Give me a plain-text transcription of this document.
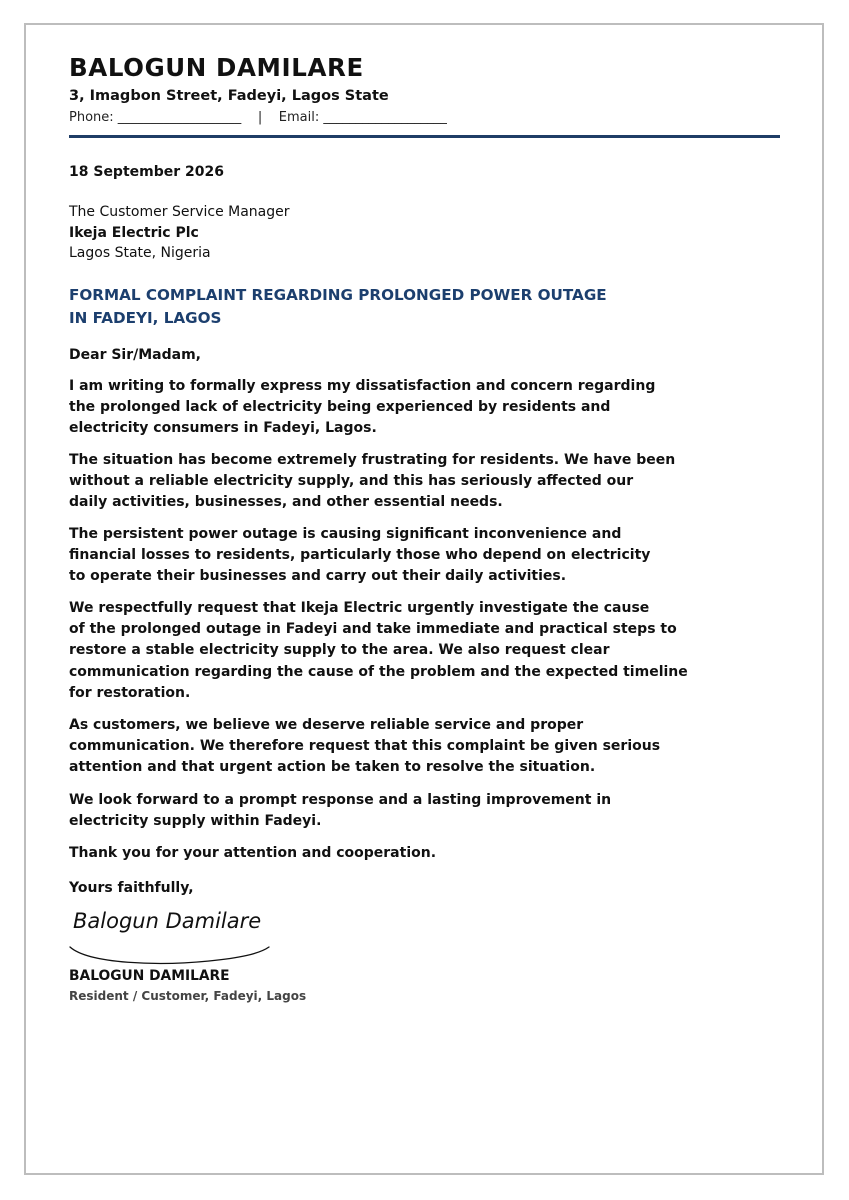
BALOGUN DAMILARE
3, Imagbon Street, Fadeyi, Lagos State
Phone: ___________________ | Email: ___________________
18 September 2026
The Customer Service Manager
Ikeja Electric Plc
Lagos State, Nigeria
FORMAL COMPLAINT REGARDING PROLONGED POWER OUTAGE
IN FADEYI, LAGOS
Dear Sir/Madam,
I am writing to formally express my dissatisfaction and concern regarding
the prolonged lack of electricity being experienced by residents and
electricity consumers in Fadeyi, Lagos.
The situation has become extremely frustrating for residents. We have been
without a reliable electricity supply, and this has seriously affected our
daily activities, businesses, and other essential needs.
The persistent power outage is causing significant inconvenience and
financial losses to residents, particularly those who depend on electricity
to operate their businesses and carry out their daily activities.
We respectfully request that Ikeja Electric urgently investigate the cause
of the prolonged outage in Fadeyi and take immediate and practical steps to
restore a stable electricity supply to the area. We also request clear
communication regarding the cause of the problem and the expected timeline
for restoration.
As customers, we believe we deserve reliable service and proper
communication. We therefore request that this complaint be given serious
attention and that urgent action be taken to resolve the situation.
We look forward to a prompt response and a lasting improvement in
electricity supply within Fadeyi.
Thank you for your attention and cooperation.
Yours faithfully,
Balogun Damilare
BALOGUN DAMILARE
Resident / Customer, Fadeyi, Lagos
